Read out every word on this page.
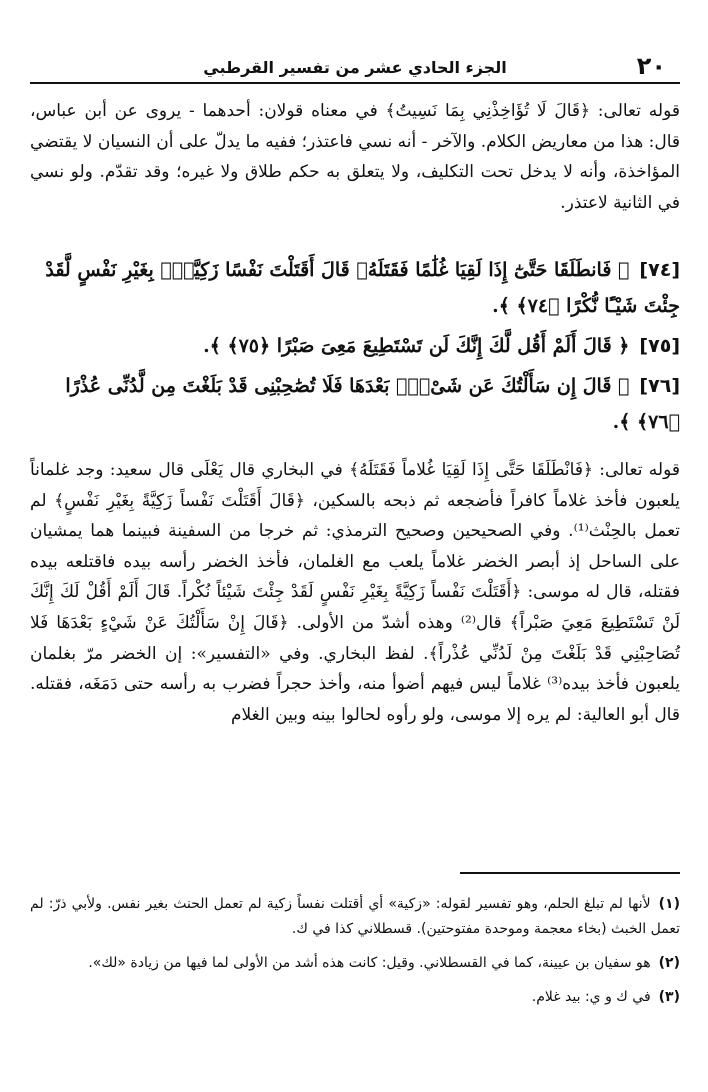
٢٠
الجزء الحادي عشر من تفسير القرطبي

قوله تعالى: ﴿قَالَ لَا تُؤَاخِذْنِي بِمَا نَسِيتُ﴾ في معناه قولان: أحدهما - يروى عن أبن عباس، قال: هذا من معاريض الكلام. والآخر - أنه نسي فاعتذر؛ ففيه ما يدلّ على أن النسيان لا يقتضي المؤاخذة، وأنه لا يدخل تحت التكليف، ولا يتعلق به حكم طلاق ولا غيره؛ وقد تقدّم. ولو نسي في الثانية لاعتذر.

[٧٤]﴿ فَانطَلَقَا حَتَّىٰٓ إِذَا لَقِيَا غُلَٰمًا فَقَتَلَهُۥ قَالَ أَقَتَلْتَ نَفْسًا زَكِيَّةًۢ بِغَيْرِ نَفْسٍ لَّقَدْ جِئْتَ شَيْـًٔا نُّكْرًا ﴿٧٤﴾ ﴾.
[٧٥]﴿ قَالَ أَلَمْ أَقُل لَّكَ إِنَّكَ لَن تَسْتَطِيعَ مَعِىَ صَبْرًا ﴿٧٥﴾ ﴾.
[٧٦]﴿ قَالَ إِن سَأَلْتُكَ عَن شَىْءٍۭ بَعْدَهَا فَلَا تُصَٰحِبْنِى قَدْ بَلَغْتَ مِن لَّدُنِّى عُذْرًا ﴿٧٦﴾ ﴾.

قوله تعالى: ﴿فَانْطَلَقَا حَتَّى إِذَا لَقِيَا غُلاماً فَقَتَلَهُ﴾ في البخاري قال يَعْلَى قال سعيد: وجد غلماناً يلعبون فأخذ غلاماً كافراً فأضجعه ثم ذبحه بالسكين، ﴿قَالَ أَقَتَلْتَ نَفْساً زَكِيَّةً بِغَيْرِ نَفْسٍ﴾ لم تعمل بالحِنْث⁽¹⁾. وفي الصحيحين وصحيح الترمذي: ثم خرجا من السفينة فبينما هما يمشيان على الساحل إذ أبصر الخضر غلاماً يلعب مع الغلمان، فأخذ الخضر رأسه بيده فاقتلعه بيده فقتله، قال له موسى: ﴿أَقَتَلْتَ نَفْساً زَكِيَّةً بِغَيْرِ نَفْسٍ لَقَدْ جِئْتَ شَيْئاً نُكْراً. قَالَ أَلَمْ أَقُلْ لَكَ إِنَّكَ لَنْ تَسْتَطِيعَ مَعِيَ صَبْراً﴾ قال⁽²⁾ وهذه أشدّ من الأولى. ﴿قَالَ إِنْ سَأَلْتُكَ عَنْ شَيْءٍ بَعْدَهَا فَلا تُصَاحِبْنِي قَدْ بَلَغْتَ مِنْ لَدُنِّي عُذْراً﴾. لفظ البخاري. وفي «التفسير»: إن الخضر مرّ بغلمان يلعبون فأخذ بيده⁽³⁾ غلاماً ليس فيهم أضوأ منه، وأخذ حجراً فضرب به رأسه حتى دَمَغَه، فقتله. قال أبو العالية: لم يره إلا موسى، ولو رأوه لحالوا بينه وبين الغلام

(١)لأنها لم تبلغ الحلم، وهو تفسير لقوله: «زكية» أي أقتلت نفساً زكية لم تعمل الحنث بغير نفس. ولأبي ذرّ: لم تعمل الخبث (بخاء معجمة وموحدة مفتوحتين). قسطلاني كذا في ك.
(٢)هو سفيان بن عيينة، كما في القسطلاني. وقيل: كانت هذه أشد من الأولى لما فيها من زيادة «لك».
(٣)في ك و ي: بيد غلام.
